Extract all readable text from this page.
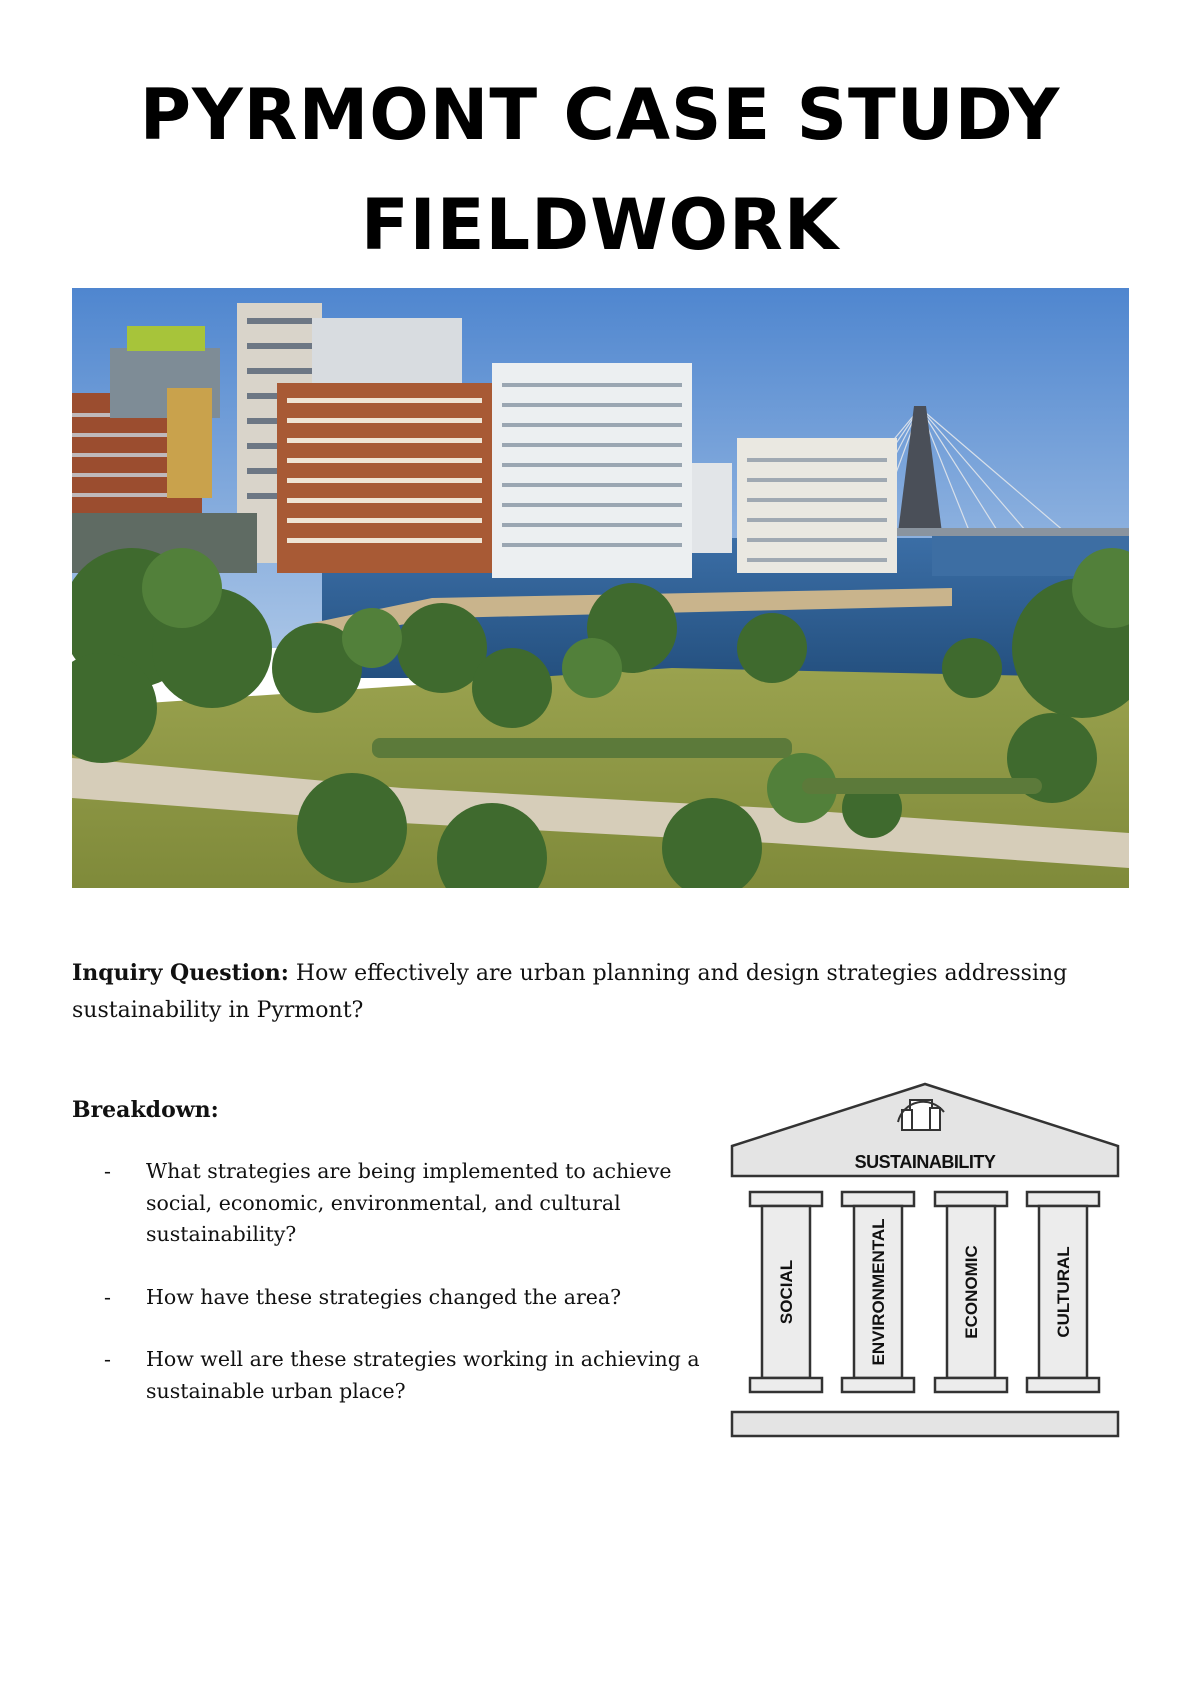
PYRMONT CASE STUDY
FIELDWORK
Inquiry Question: How effectively are urban planning and design strategies addressing sustainability in Pyrmont?
Breakdown:
- What strategies are being implemented to achieve social, economic, environmental, and cultural sustainability?
- How have these strategies changed the area?
- How well are these strategies working in achieving a sustainable urban place?
SUSTAINABILITY
SOCIAL	ENVIRONMENTAL	ECONOMIC	CULTURAL
